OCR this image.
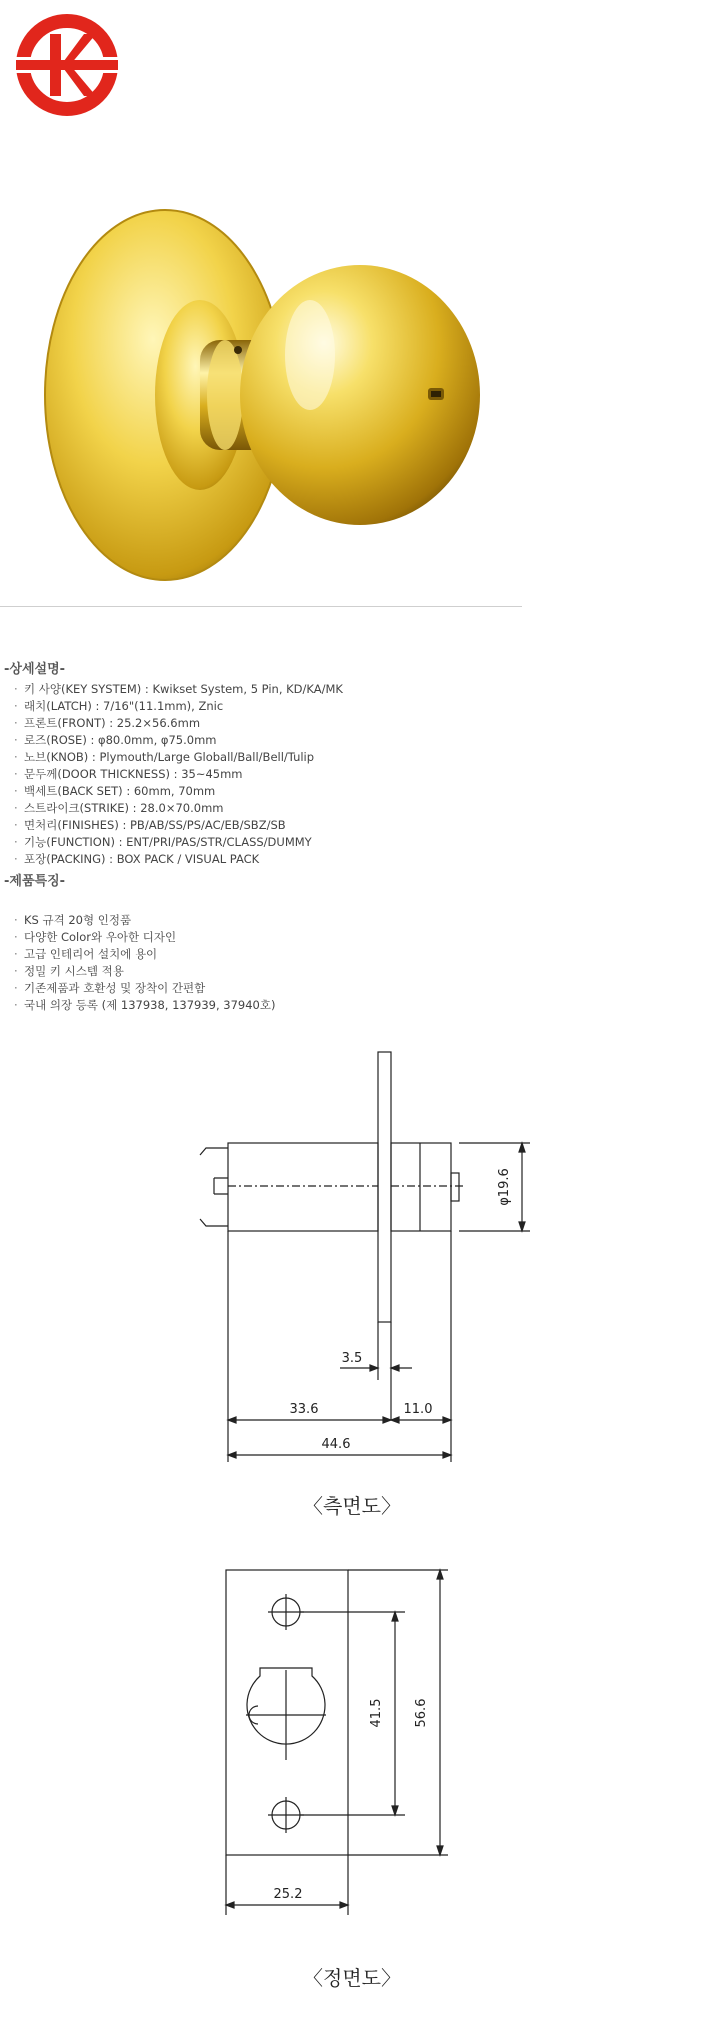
K
-상세설명-
· 키 사양(KEY SYSTEM) : Kwikset System, 5 Pin, KD/KA/MK
· 래치(LATCH) : 7/16"(11.1mm), Znic
· 프론트(FRONT) : 25.2×56.6mm
· 로즈(ROSE) : φ80.0mm, φ75.0mm
· 노브(KNOB) : Plymouth/Large Globall/Ball/Bell/Tulip
· 문두께(DOOR THICKNESS) : 35~45mm
· 백세트(BACK SET) : 60mm, 70mm
· 스트라이크(STRIKE) : 28.0×70.0mm
· 면처리(FINISHES) : PB/AB/SS/PS/AC/EB/SBZ/SB
· 기능(FUNCTION) : ENT/PRI/PAS/STR/CLASS/DUMMY
· 포장(PACKING) : BOX PACK / VISUAL PACK
-제품특징-
· KS 규격 20형 인정품
· 다양한 Color와 우아한 디자인
· 고급 인테리어 설치에 용이
· 정밀 키 시스템 적용
· 기존제품과 호환성 및 장착이 간편함
· 국내 의장 등록 (제 137938, 137939, 37940호)
φ19.6
3.5
33.6	11.0
44.6
41.5 56.6
25.2
〈측면도〉
〈정면도〉
